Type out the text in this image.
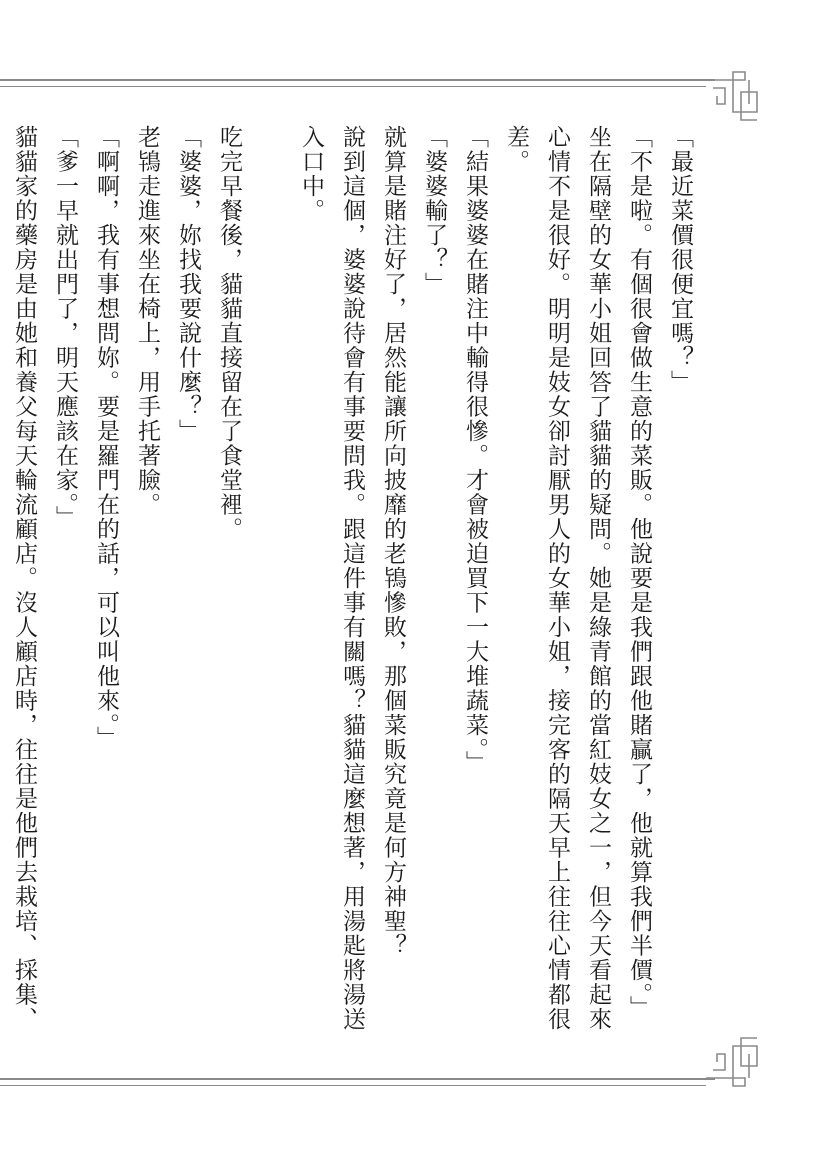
「最近菜價很便宜嗎？」

「不是啦。有個很會做生意的菜販。他說要是我們跟他賭贏了，他就算我們半價。」

坐在隔壁的女華小姐回答了貓貓的疑問。她是綠青館的當紅妓女之一，但今天看起來心情不是很好。明明是妓女卻討厭男人的女華小姐，接完客的隔天早上往往心情都很差。

「結果婆婆在賭注中輸得很慘。才會被迫買下一大堆蔬菜。」

「婆婆輸了？」

就算是賭注好了，居然能讓所向披靡的老鴇慘敗，那個菜販究竟是何方神聖？

說到這個，婆婆說待會有事要問我。跟這件事有關嗎？貓貓這麼想著，用湯匙將湯送入口中。

吃完早餐後，貓貓直接留在了食堂裡。

「婆婆，妳找我要說什麼？」

老鴇走進來坐在椅上，用手托著臉。

「啊啊，我有事想問妳。要是羅門在的話，可以叫他來。」

「爹一早就出門了，明天應該在家。」

貓貓家的藥房是由她和養父每天輪流顧店。沒人顧店時，往往是他們去栽培、採集、
